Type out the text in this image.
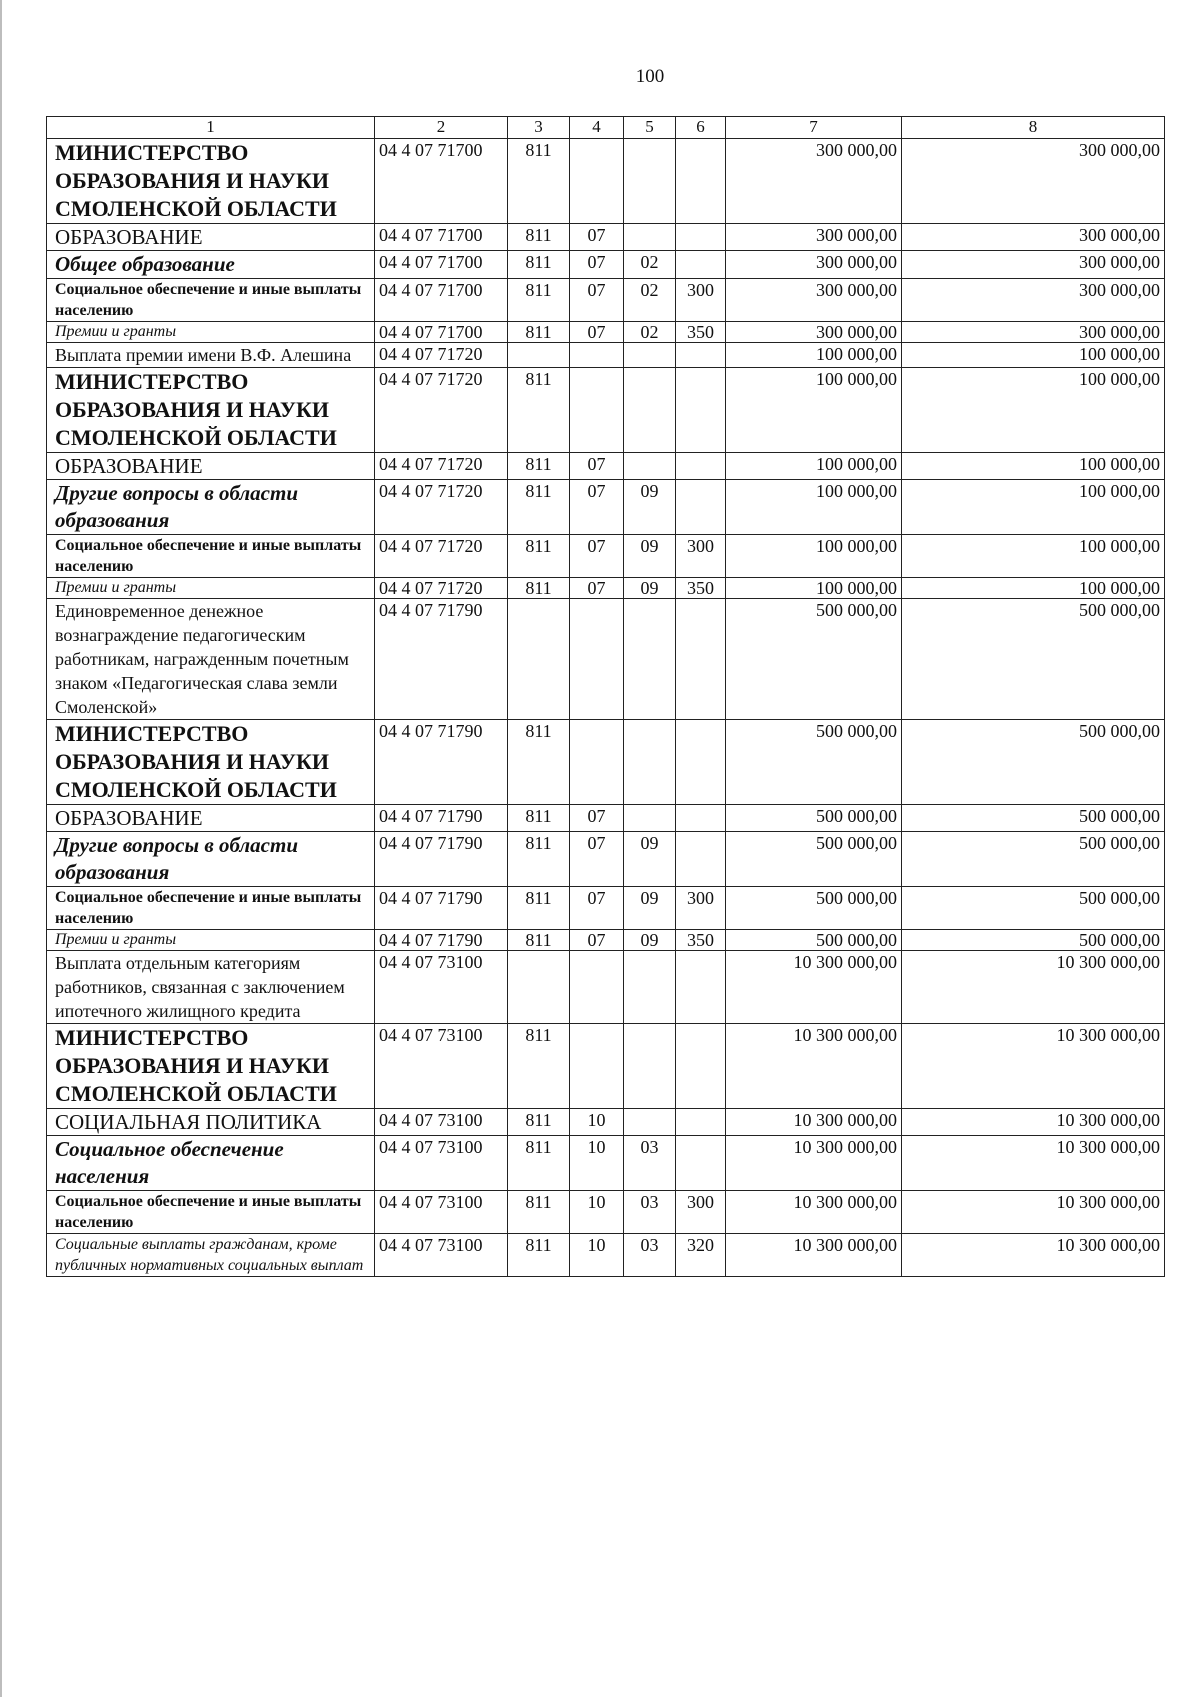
100
1	2	3	4	5	6	7	8
МИНИСТЕРСТВО ОБРАЗОВАНИЯ И НАУКИ СМОЛЕНСКОЙ ОБЛАСТИ	04 4 07 71700	811				300 000,00	300 000,00
ОБРАЗОВАНИЕ	04 4 07 71700	811	07			300 000,00	300 000,00
Общее образование	04 4 07 71700	811	07	02		300 000,00	300 000,00
Социальное обеспечение и иные выплаты населению	04 4 07 71700	811	07	02	300	300 000,00	300 000,00
Премии и гранты	04 4 07 71700	811	07	02	350	300 000,00	300 000,00
Выплата премии имени В.Ф. Алешина	04 4 07 71720					100 000,00	100 000,00
МИНИСТЕРСТВО ОБРАЗОВАНИЯ И НАУКИ СМОЛЕНСКОЙ ОБЛАСТИ	04 4 07 71720	811				100 000,00	100 000,00
ОБРАЗОВАНИЕ	04 4 07 71720	811	07			100 000,00	100 000,00
Другие вопросы в области образования	04 4 07 71720	811	07	09		100 000,00	100 000,00
Социальное обеспечение и иные выплаты населению	04 4 07 71720	811	07	09	300	100 000,00	100 000,00
Премии и гранты	04 4 07 71720	811	07	09	350	100 000,00	100 000,00
Единовременное денежное вознаграждение педагогическим работникам, награжденным почетным знаком «Педагогическая слава земли Смоленской»	04 4 07 71790					500 000,00	500 000,00
МИНИСТЕРСТВО ОБРАЗОВАНИЯ И НАУКИ СМОЛЕНСКОЙ ОБЛАСТИ	04 4 07 71790	811				500 000,00	500 000,00
ОБРАЗОВАНИЕ	04 4 07 71790	811	07			500 000,00	500 000,00
Другие вопросы в области образования	04 4 07 71790	811	07	09		500 000,00	500 000,00
Социальное обеспечение и иные выплаты населению	04 4 07 71790	811	07	09	300	500 000,00	500 000,00
Премии и гранты	04 4 07 71790	811	07	09	350	500 000,00	500 000,00
Выплата отдельным категориям работников, связанная с заключением ипотечного жилищного кредита	04 4 07 73100					10 300 000,00	10 300 000,00
МИНИСТЕРСТВО ОБРАЗОВАНИЯ И НАУКИ СМОЛЕНСКОЙ ОБЛАСТИ	04 4 07 73100	811				10 300 000,00	10 300 000,00
СОЦИАЛЬНАЯ ПОЛИТИКА	04 4 07 73100	811	10			10 300 000,00	10 300 000,00
Социальное обеспечение населения	04 4 07 73100	811	10	03		10 300 000,00	10 300 000,00
Социальное обеспечение и иные выплаты населению	04 4 07 73100	811	10	03	300	10 300 000,00	10 300 000,00
Социальные выплаты гражданам, кроме публичных нормативных социальных выплат	04 4 07 73100	811	10	03	320	10 300 000,00	10 300 000,00
